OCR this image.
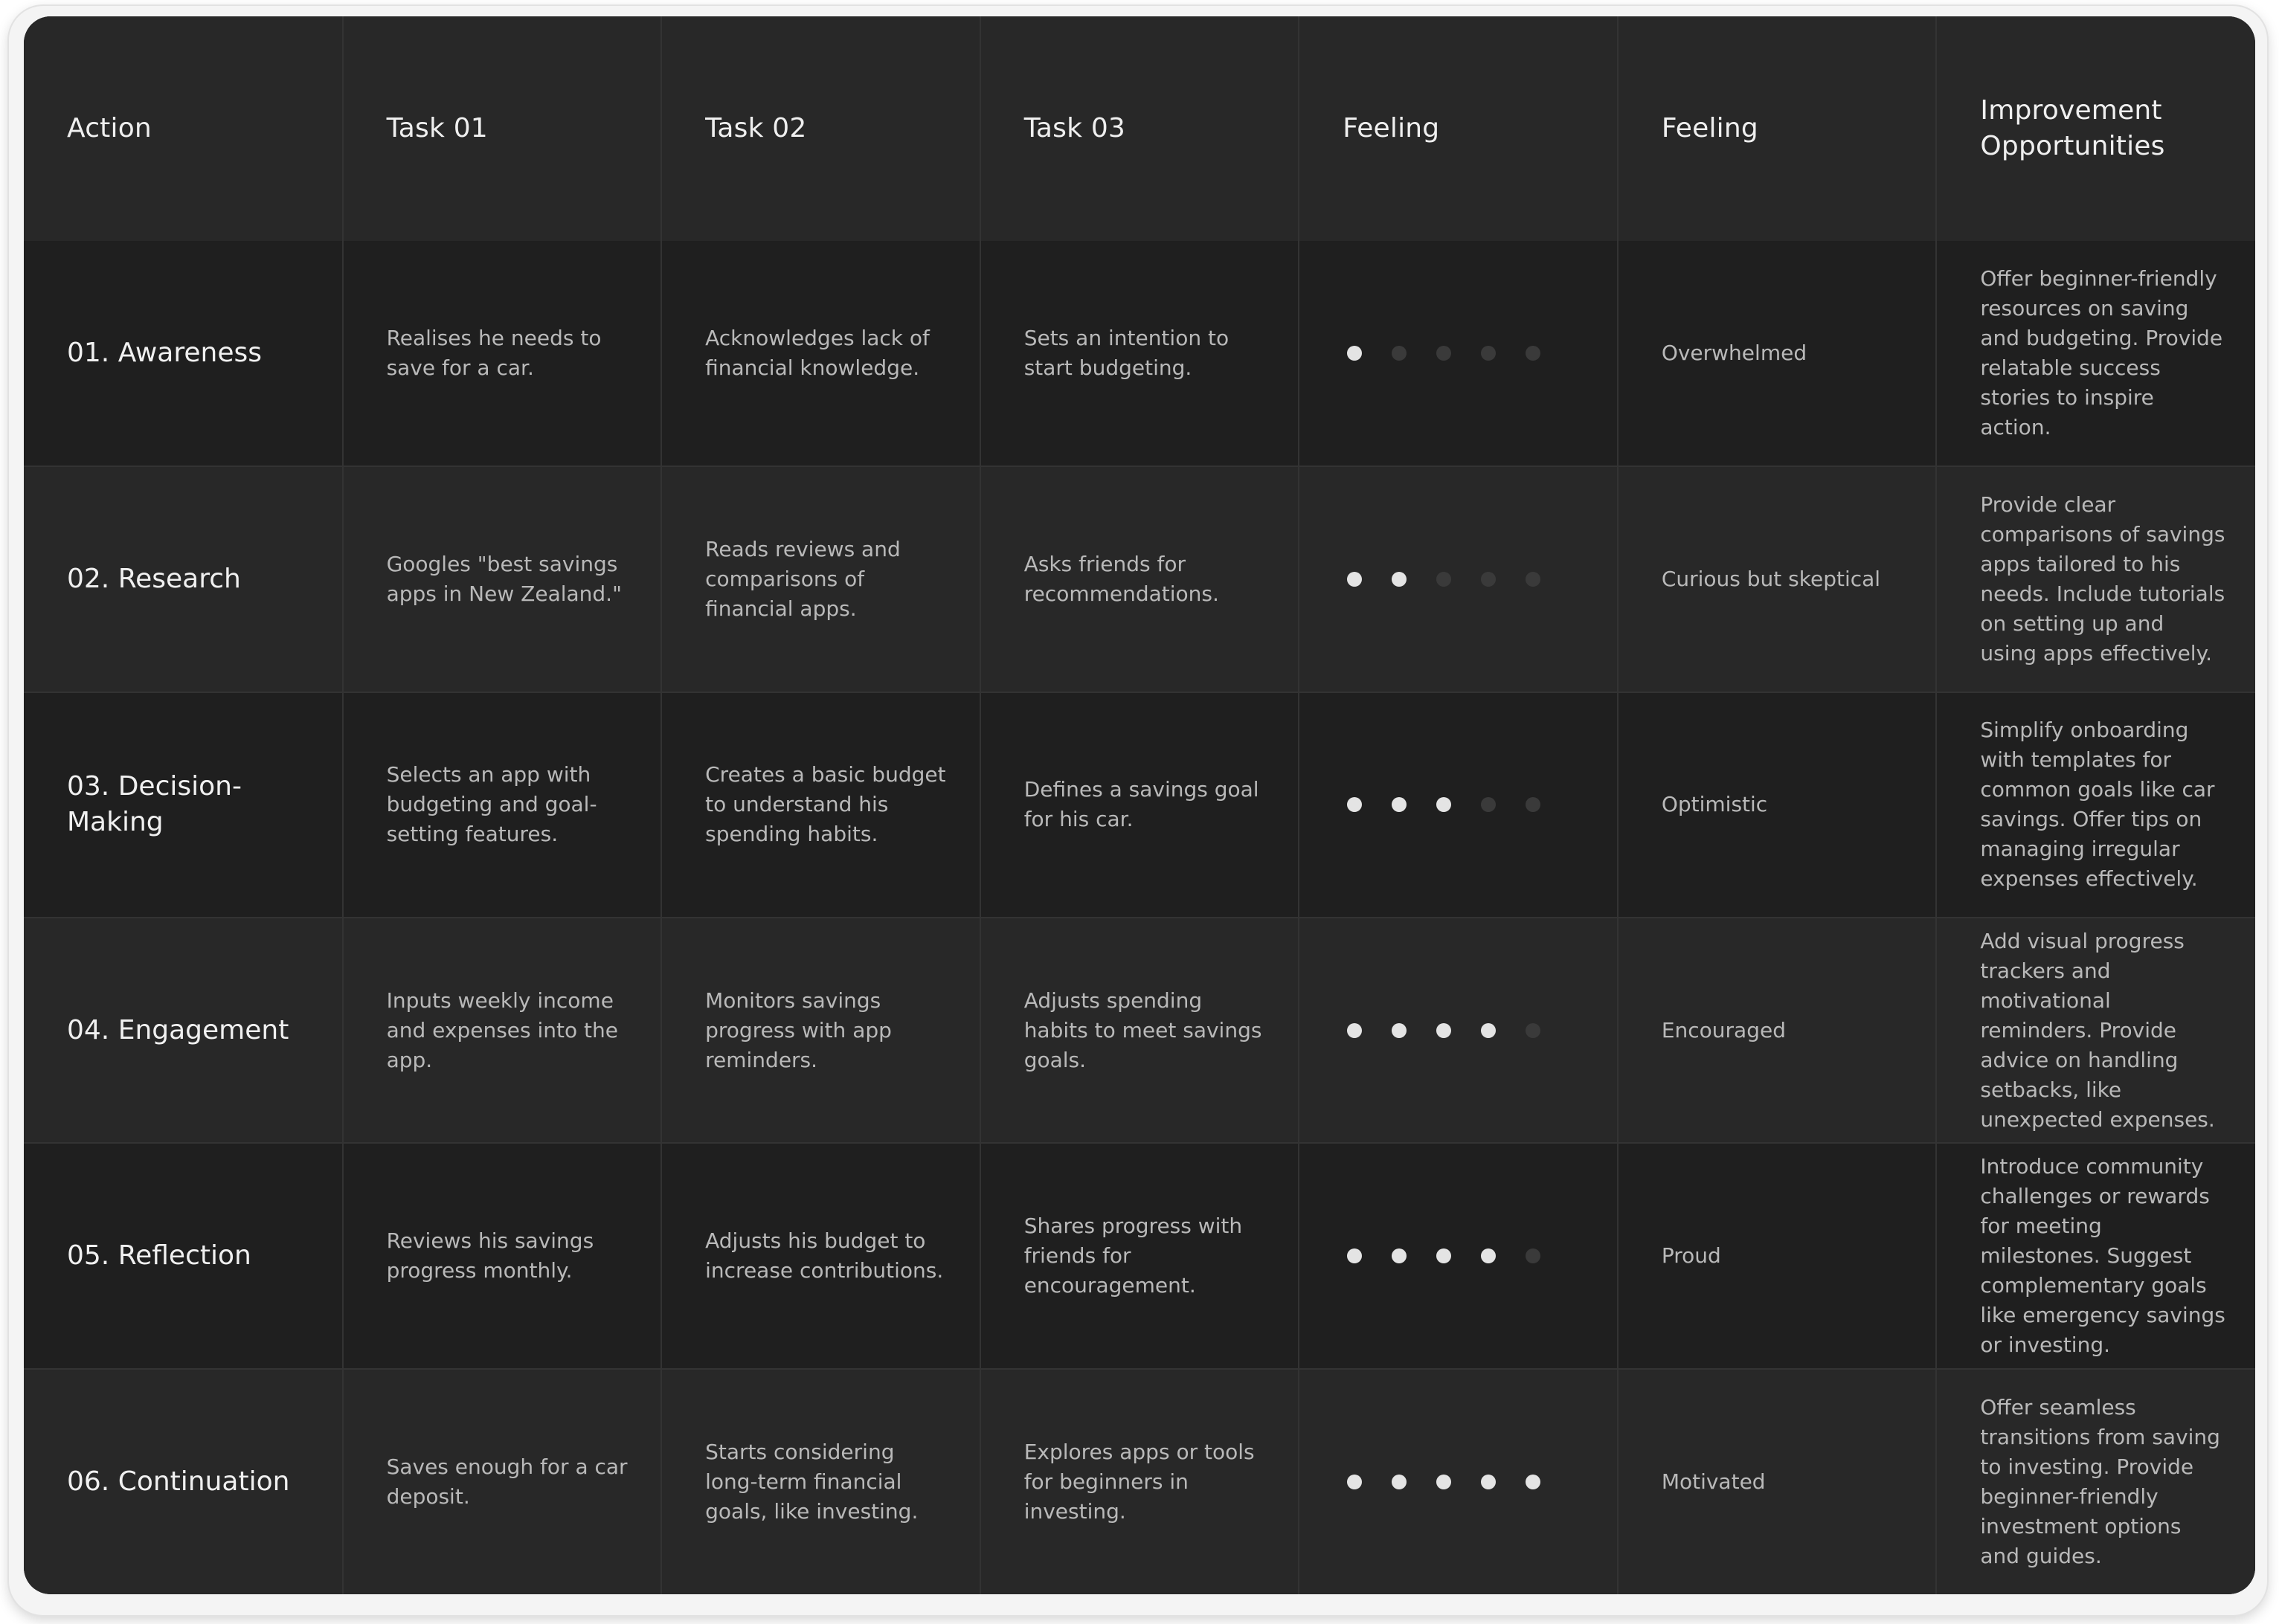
Action	Task 01	Task 02	Task 03	Feeling	Feeling	Improvement Opportunities
01. Awareness	Realises he needs to save for a car.	Acknowledges lack of financial knowledge.	Sets an intention to start budgeting.		Overwhelmed	Offer beginner-friendly resources on saving and budgeting. Provide relatable success stories to inspire action.
02. Research	Googles "best savings apps in New Zealand."	Reads reviews and comparisons of financial apps.	Asks friends for recommendations.		Curious but skeptical	Provide clear comparisons of savings apps tailored to his needs. Include tutorials on setting up and using apps effectively.
03. Decision-Making	Selects an app with budgeting and goal-setting features.	Creates a basic budget to understand his spending habits.	Defines a savings goal for his car.		Optimistic	Simplify onboarding with templates for common goals like car savings. Offer tips on managing irregular expenses effectively.
04. Engagement	Inputs weekly income and expenses into the app.	Monitors savings progress with app reminders.	Adjusts spending habits to meet savings goals.		Encouraged	Add visual progress trackers and motivational reminders. Provide advice on handling setbacks, like unexpected expenses.
05. Reflection	Reviews his savings progress monthly.	Adjusts his budget to increase contributions.	Shares progress with friends for encouragement.		Proud	Introduce community challenges or rewards for meeting milestones. Suggest complementary goals like emergency savings or investing.
06. Continuation	Saves enough for a car deposit.	Starts considering long-term financial goals, like investing.	Explores apps or tools for beginners in investing.		Motivated	Offer seamless transitions from saving to investing. Provide beginner-friendly investment options and guides.
